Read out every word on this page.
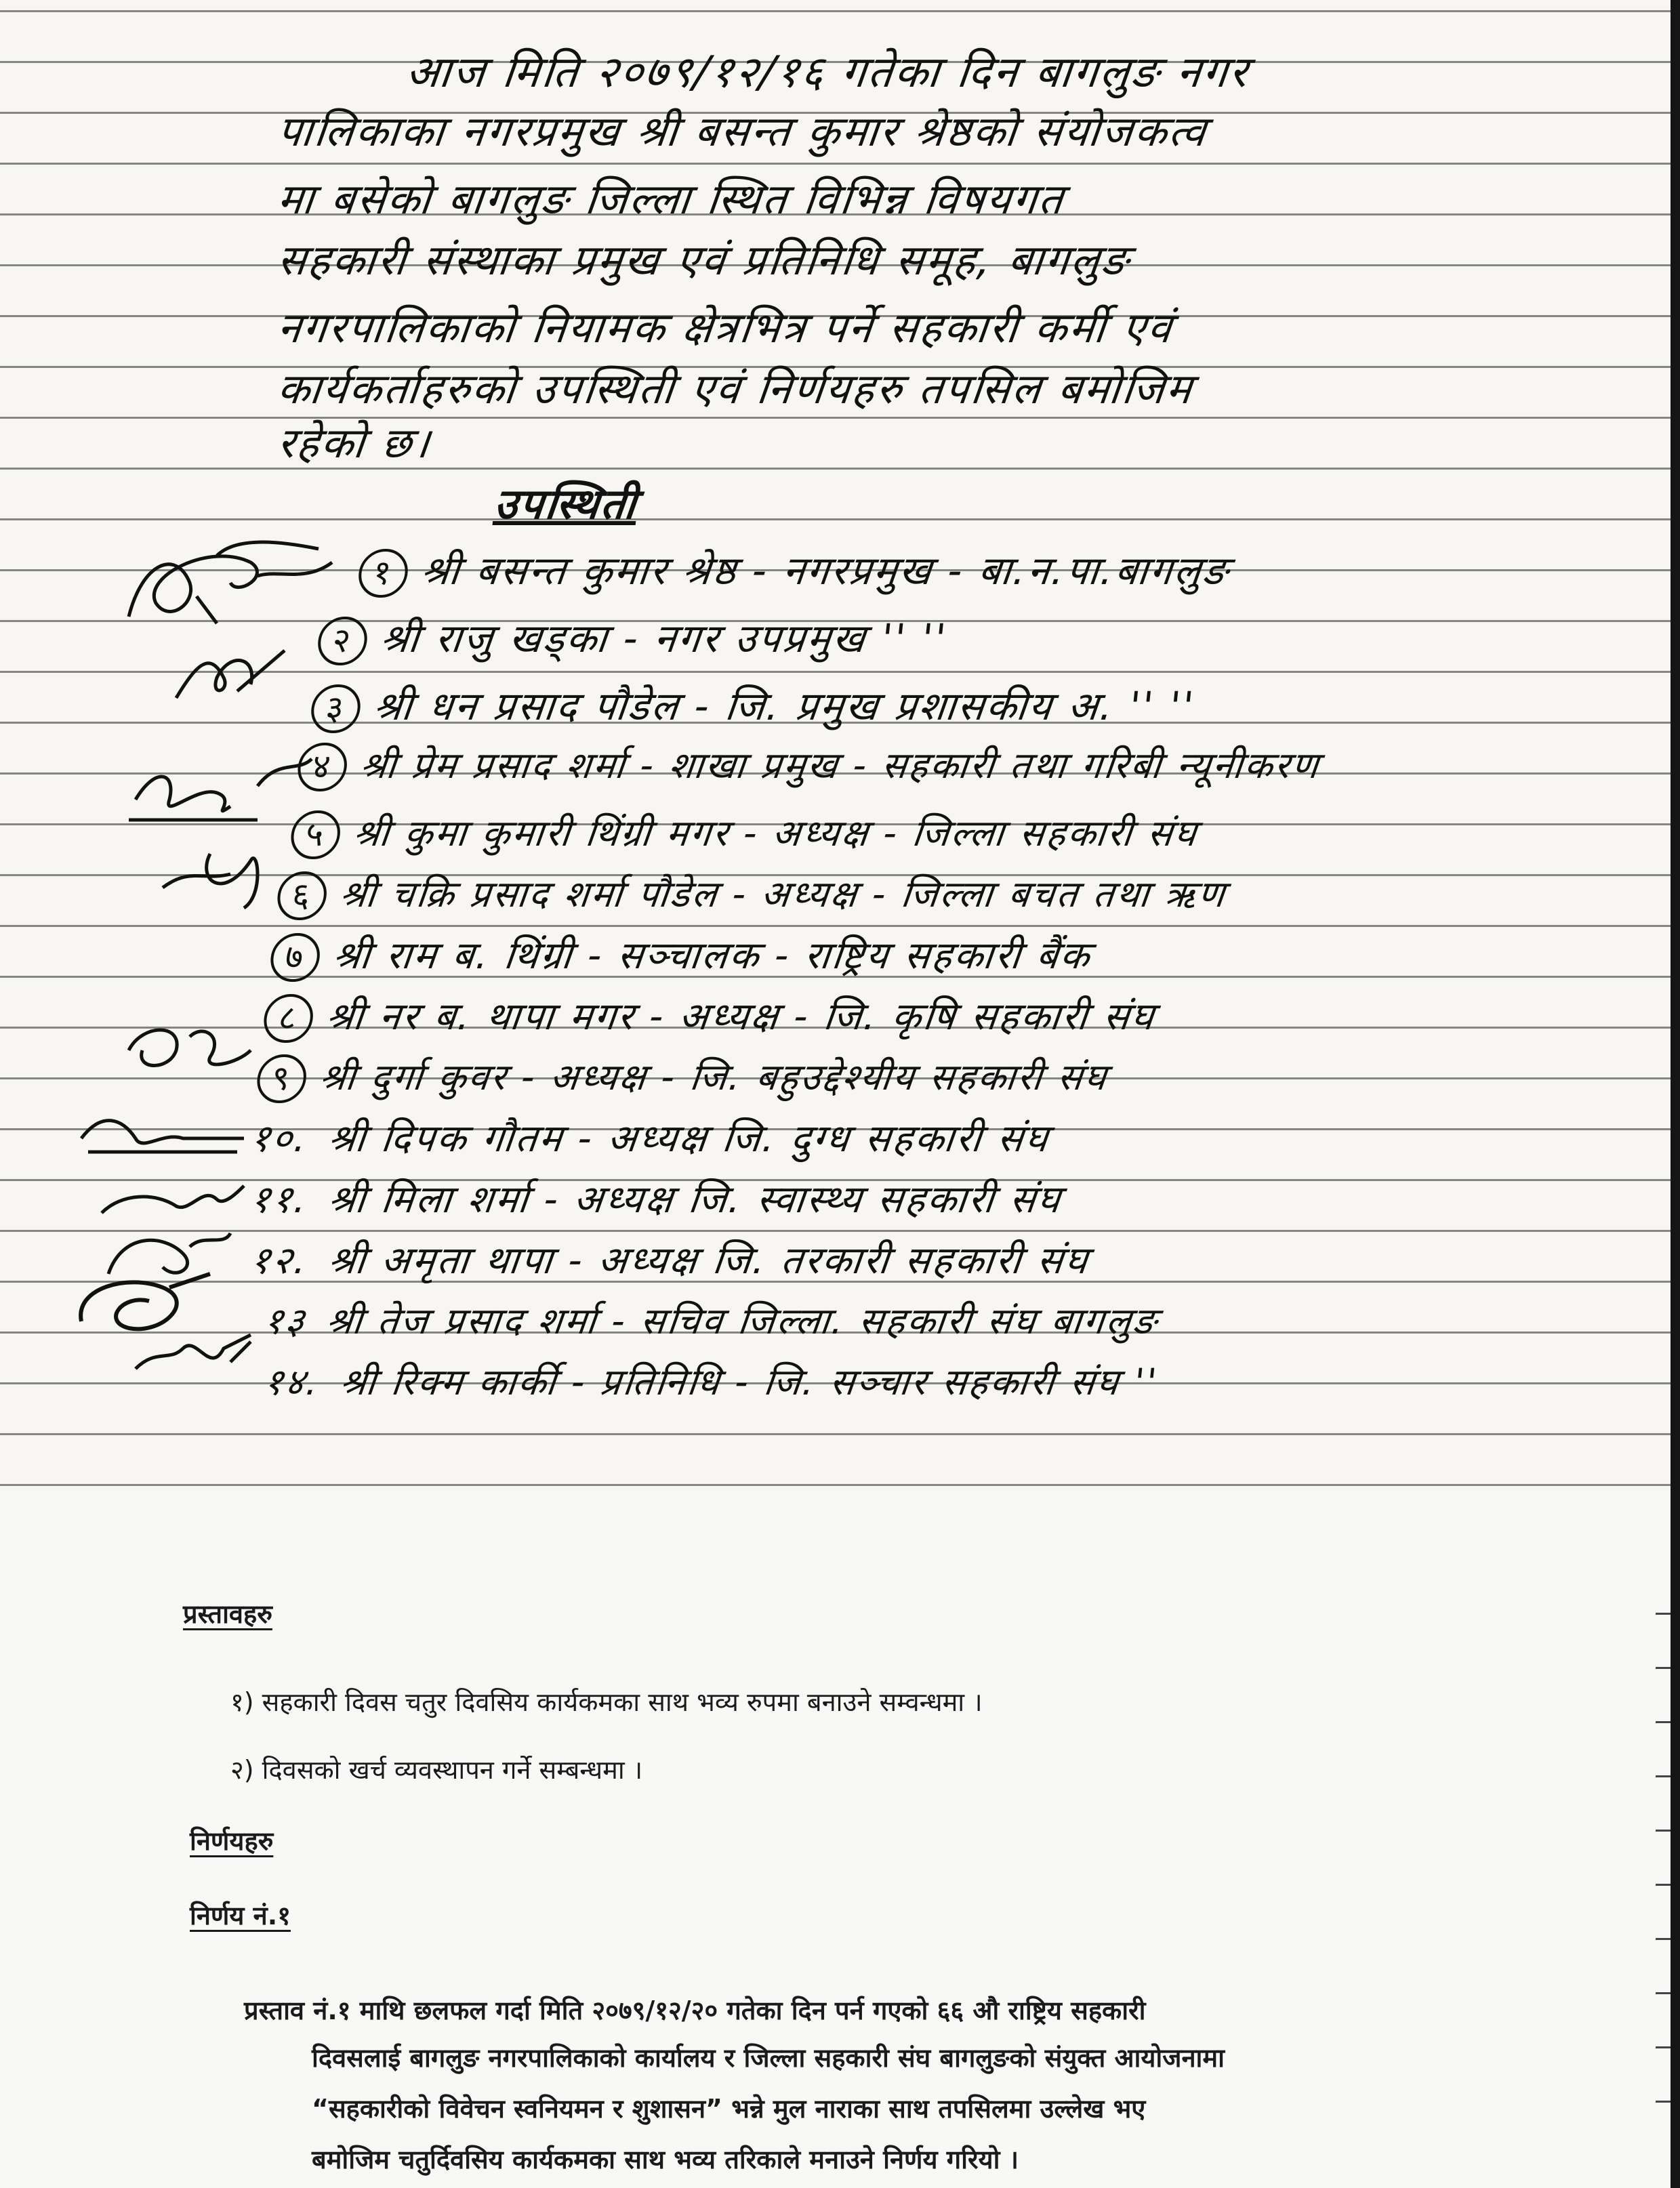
आज मिति २०७९/१२/१६ गतेका दिन बागलुङ नगर
पालिकाका नगरप्रमुख श्री बसन्त कुमार श्रेष्ठको संयोजकत्व
मा बसेको बागलुङ जिल्ला स्थित विभिन्न विषयगत
सहकारी संस्थाका प्रमुख एवं प्रतिनिधि समूह, बागलुङ
नगरपालिकाको नियामक क्षेत्रभित्र पर्ने सहकारी कर्मी एवं
कार्यकर्ताहरुको उपस्थिती एवं निर्णयहरु तपसिल बमोजिम
रहेको छ।
उपस्थिती
१ श्री बसन्त कुमार श्रेष्ठ - नगरप्रमुख - बा.न.पा.बागलुङ
२ श्री राजु खड्का - नगर उपप्रमुख '' ''
३ श्री धन प्रसाद पौडेल - जि. प्रमुख प्रशासकीय अ. '' ''
४ श्री प्रेम प्रसाद शर्मा - शाखा प्रमुख - सहकारी तथा गरिबी न्यूनीकरण
५ श्री कुमा कुमारी थिंग्री मगर - अध्यक्ष - जिल्ला सहकारी संघ
६ श्री चक्रि प्रसाद शर्मा पौडेल - अध्यक्ष - जिल्ला बचत तथा ऋण
७ श्री राम ब. थिंग्री - सञ्चालक - राष्ट्रिय सहकारी बैंक
८ श्री नर ब. थापा मगर - अध्यक्ष - जि. कृषि सहकारी संघ
९ श्री दुर्गा कुवर - अध्यक्ष - जि. बहुउद्देश्यीय सहकारी संघ
१०. श्री दिपक गौतम - अध्यक्ष जि. दुग्ध सहकारी संघ
११. श्री मिला शर्मा - अध्यक्ष जि. स्वास्थ्य सहकारी संघ
१२. श्री अमृता थापा - अध्यक्ष जि. तरकारी सहकारी संघ
१३ श्री तेज प्रसाद शर्मा - सचिव जिल्ला. सहकारी संघ बागलुङ
१४. श्री रिक्म कार्की - प्रतिनिधि - जि. सञ्चार सहकारी संघ ''
प्रस्तावहरु
१) सहकारी दिवस चतुर दिवसिय कार्यकमका साथ भव्य रुपमा बनाउने सम्वन्धमा ।
२) दिवसको खर्च व्यवस्थापन गर्ने सम्बन्धमा ।
निर्णयहरु
निर्णय नं.१
प्रस्ताव नं.१ माथि छलफल गर्दा मिति २०७९/१२/२० गतेका दिन पर्न गएको ६६ औ राष्ट्रिय सहकारी
दिवसलाई बागलुङ नगरपालिकाको कार्यालय र जिल्ला सहकारी संघ बागलुङको संयुक्त आयोजनामा
“सहकारीको विवेचन स्वनियमन र शुशासन” भन्ने मुल नाराका साथ तपसिलमा उल्लेख भए
बमोजिम चतुर्दिवसिय कार्यकमका साथ भव्य तरिकाले मनाउने निर्णय गरियो ।
